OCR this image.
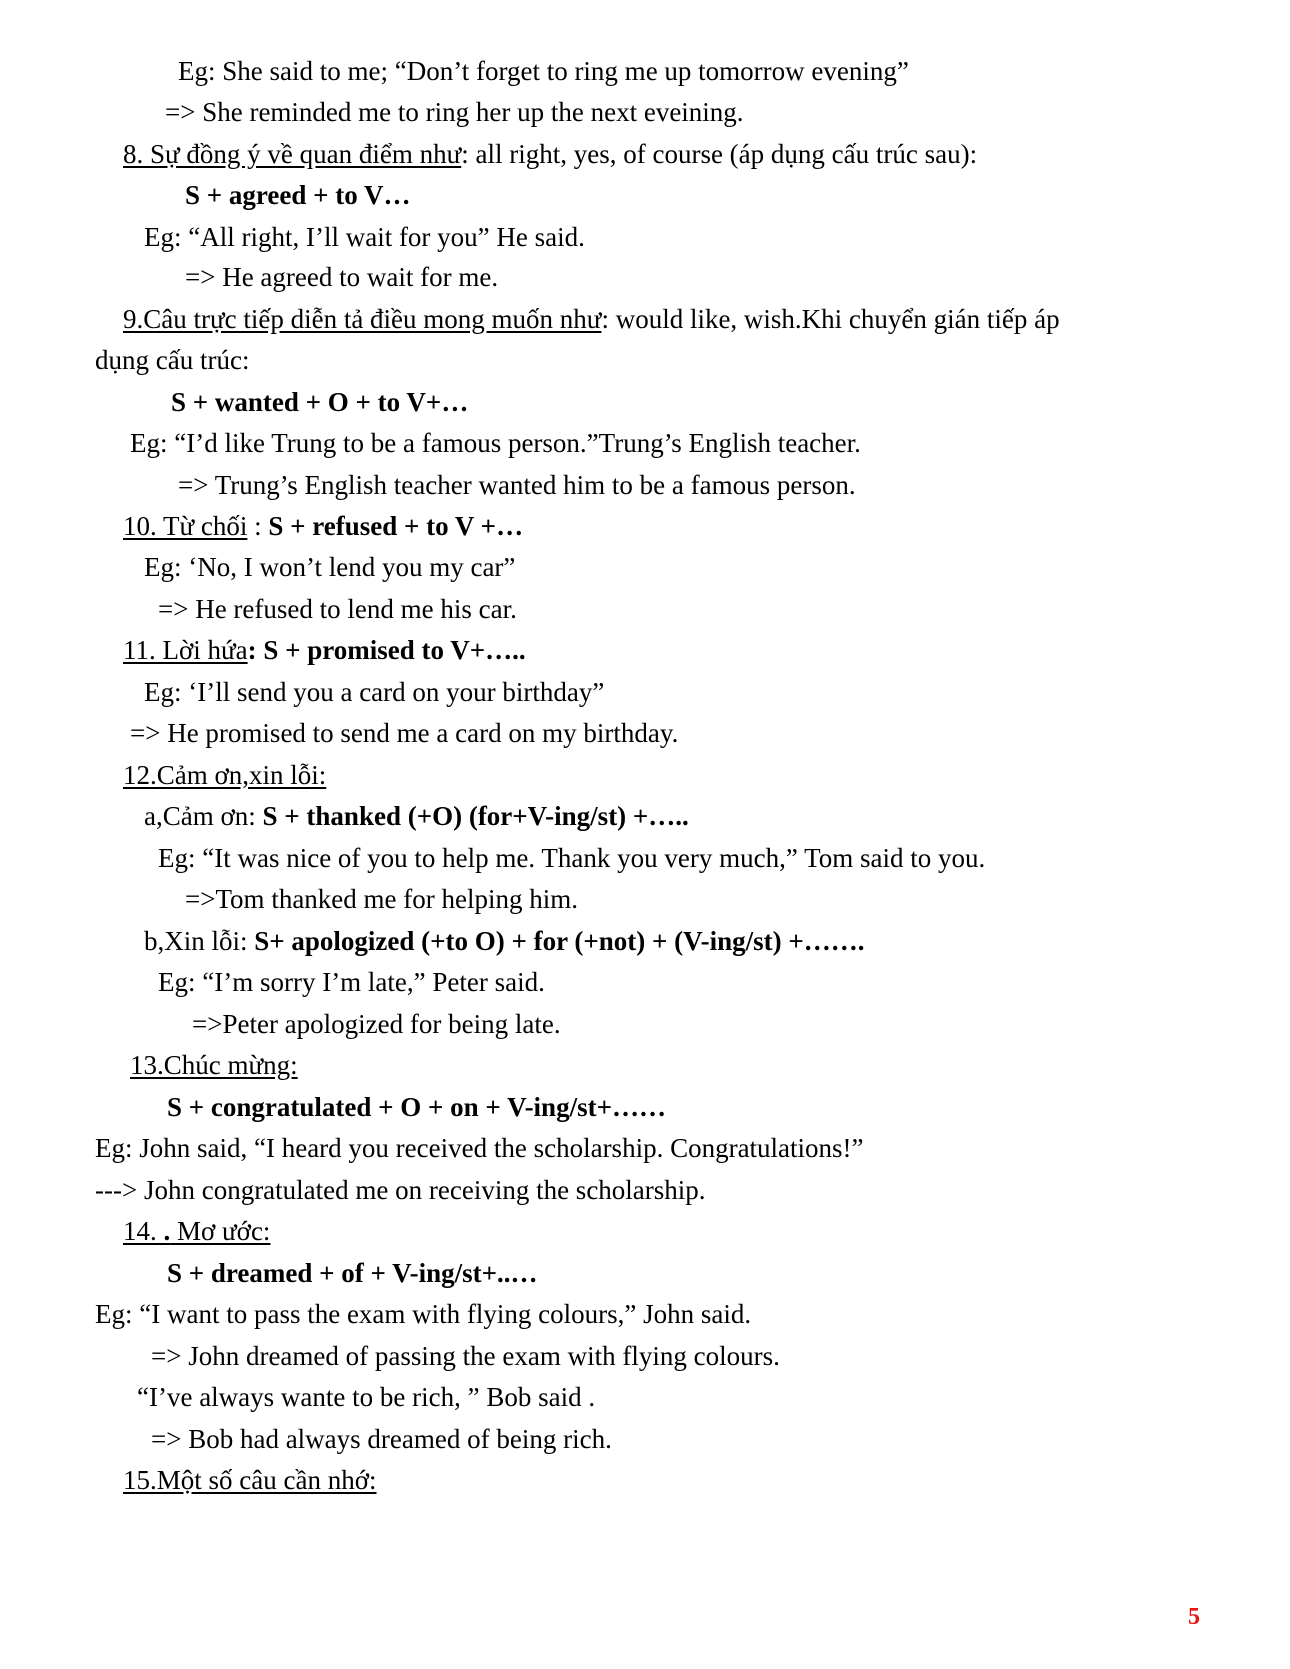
Eg: She said to me; “Don’t forget to ring me up tomorrow evening”
=> She reminded me to ring her up the next eveining.
8. Sự đồng ý về quan điểm như: all right, yes, of course (áp dụng cấu trúc sau):
S + agreed + to V…
Eg: “All right, I’ll wait for you” He said.
=> He agreed to wait for me.
9.Câu trực tiếp diễn tả điều mong muốn như: would like, wish.Khi chuyển gián tiếp áp
dụng cấu trúc:
S + wanted + O + to V+…
Eg: “I’d like Trung to be a famous person.”Trung’s English teacher.
=> Trung’s English teacher wanted him to be a famous person.
10. Từ chối : S + refused + to V +…
Eg: ‘No, I won’t lend you my car”
=> He refused to lend me his car.
11. Lời hứa: S + promised to V+…..
Eg: ‘I’ll send you a card on your birthday”
=> He promised to send me a card on my birthday.
12.Cảm ơn,xin lỗi:
a,Cảm ơn: S + thanked (+O) (for+V-ing/st) +…..
Eg: “It was nice of you to help me. Thank you very much,” Tom said to you.
=>Tom thanked me for helping him.
b,Xin lỗi: S+ apologized (+to O) + for (+not) + (V-ing/st) +…….
Eg: “I’m sorry I’m late,” Peter said.
=>Peter apologized for being late.
13.Chúc mừng:
S + congratulated + O + on + V-ing/st+……
Eg: John said, “I heard you received the scholarship. Congratulations!”
---> John congratulated me on receiving the scholarship.
14. . Mơ ước:
S + dreamed + of + V-ing/st+..…
Eg: “I want to pass the exam with flying colours,” John said.
=> John dreamed of passing the exam with flying colours.
“I’ve always wante to be rich, ” Bob said .
=> Bob had always dreamed of being rich.
15.Một số câu cần nhớ:
5
